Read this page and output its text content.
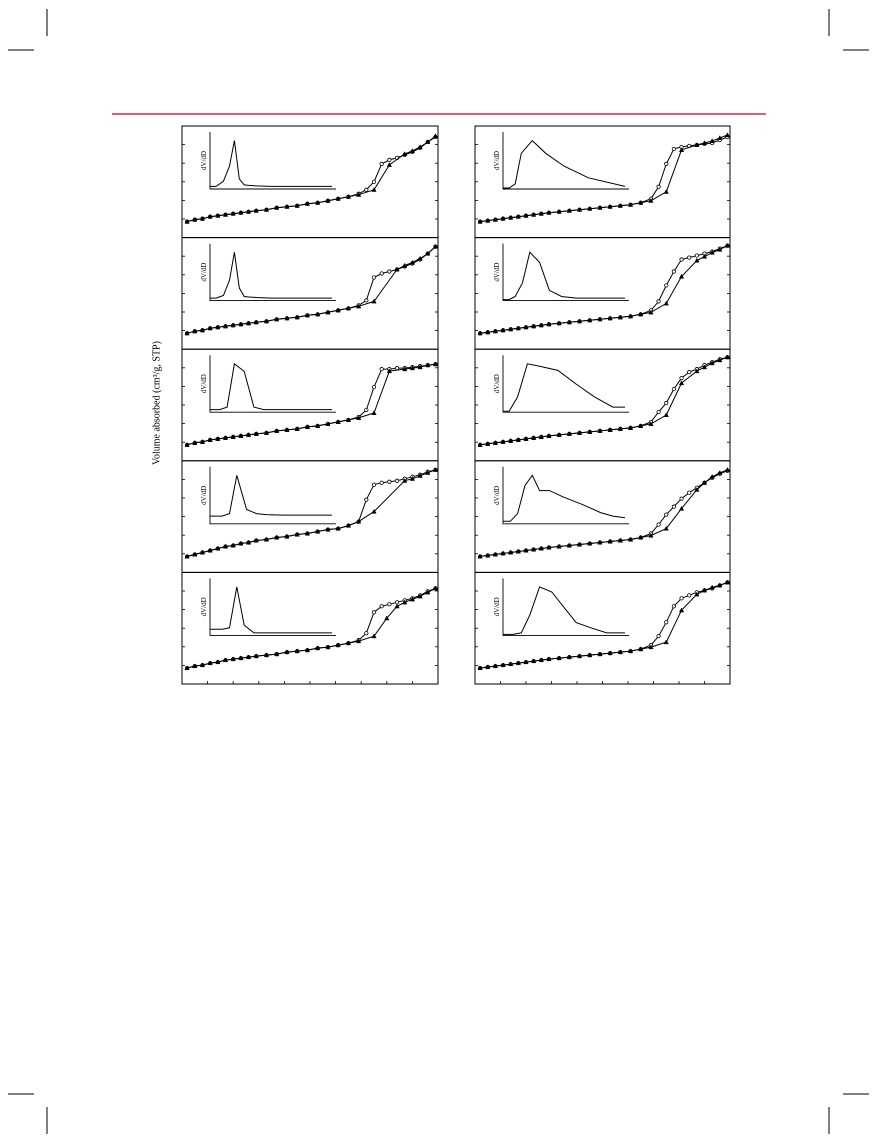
Volume absorbed (cm³/g, STP)
dV/dD
dV/dD
dV/dD
dV/dD
dV/dD
dV/dD
dV/dD
dV/dD
dV/dD
dV/dD
